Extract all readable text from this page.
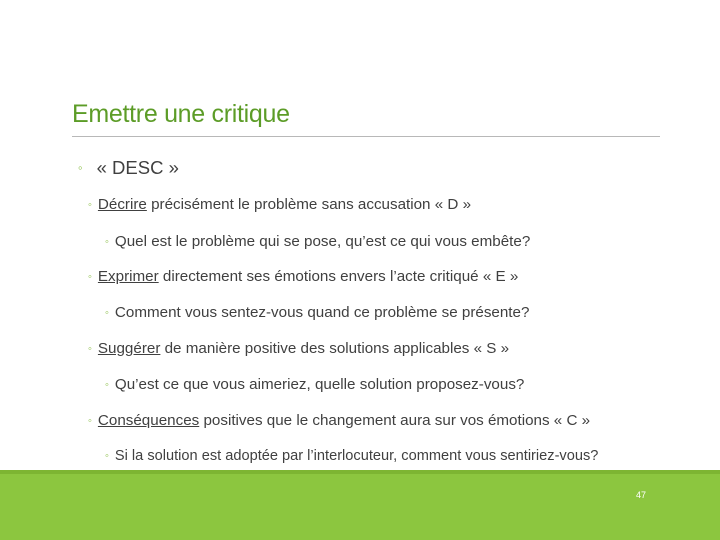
Emettre une critique
◦ « DESC »
◦ Décrire précisément le problème sans accusation « D »
◦ Quel est le problème qui se pose, qu’est ce qui vous embête?
◦ Exprimer directement ses émotions envers l’acte critiqué « E »
◦ Comment vous sentez-vous quand ce problème se présente?
◦ Suggérer de manière positive des solutions applicables « S »
◦ Qu’est ce que vous aimeriez, quelle solution proposez-vous?
◦ Conséquences positives que le changement aura sur vos émotions « C »
◦ Si la solution est adoptée par l’interlocuteur, comment vous sentiriez-vous?
47
